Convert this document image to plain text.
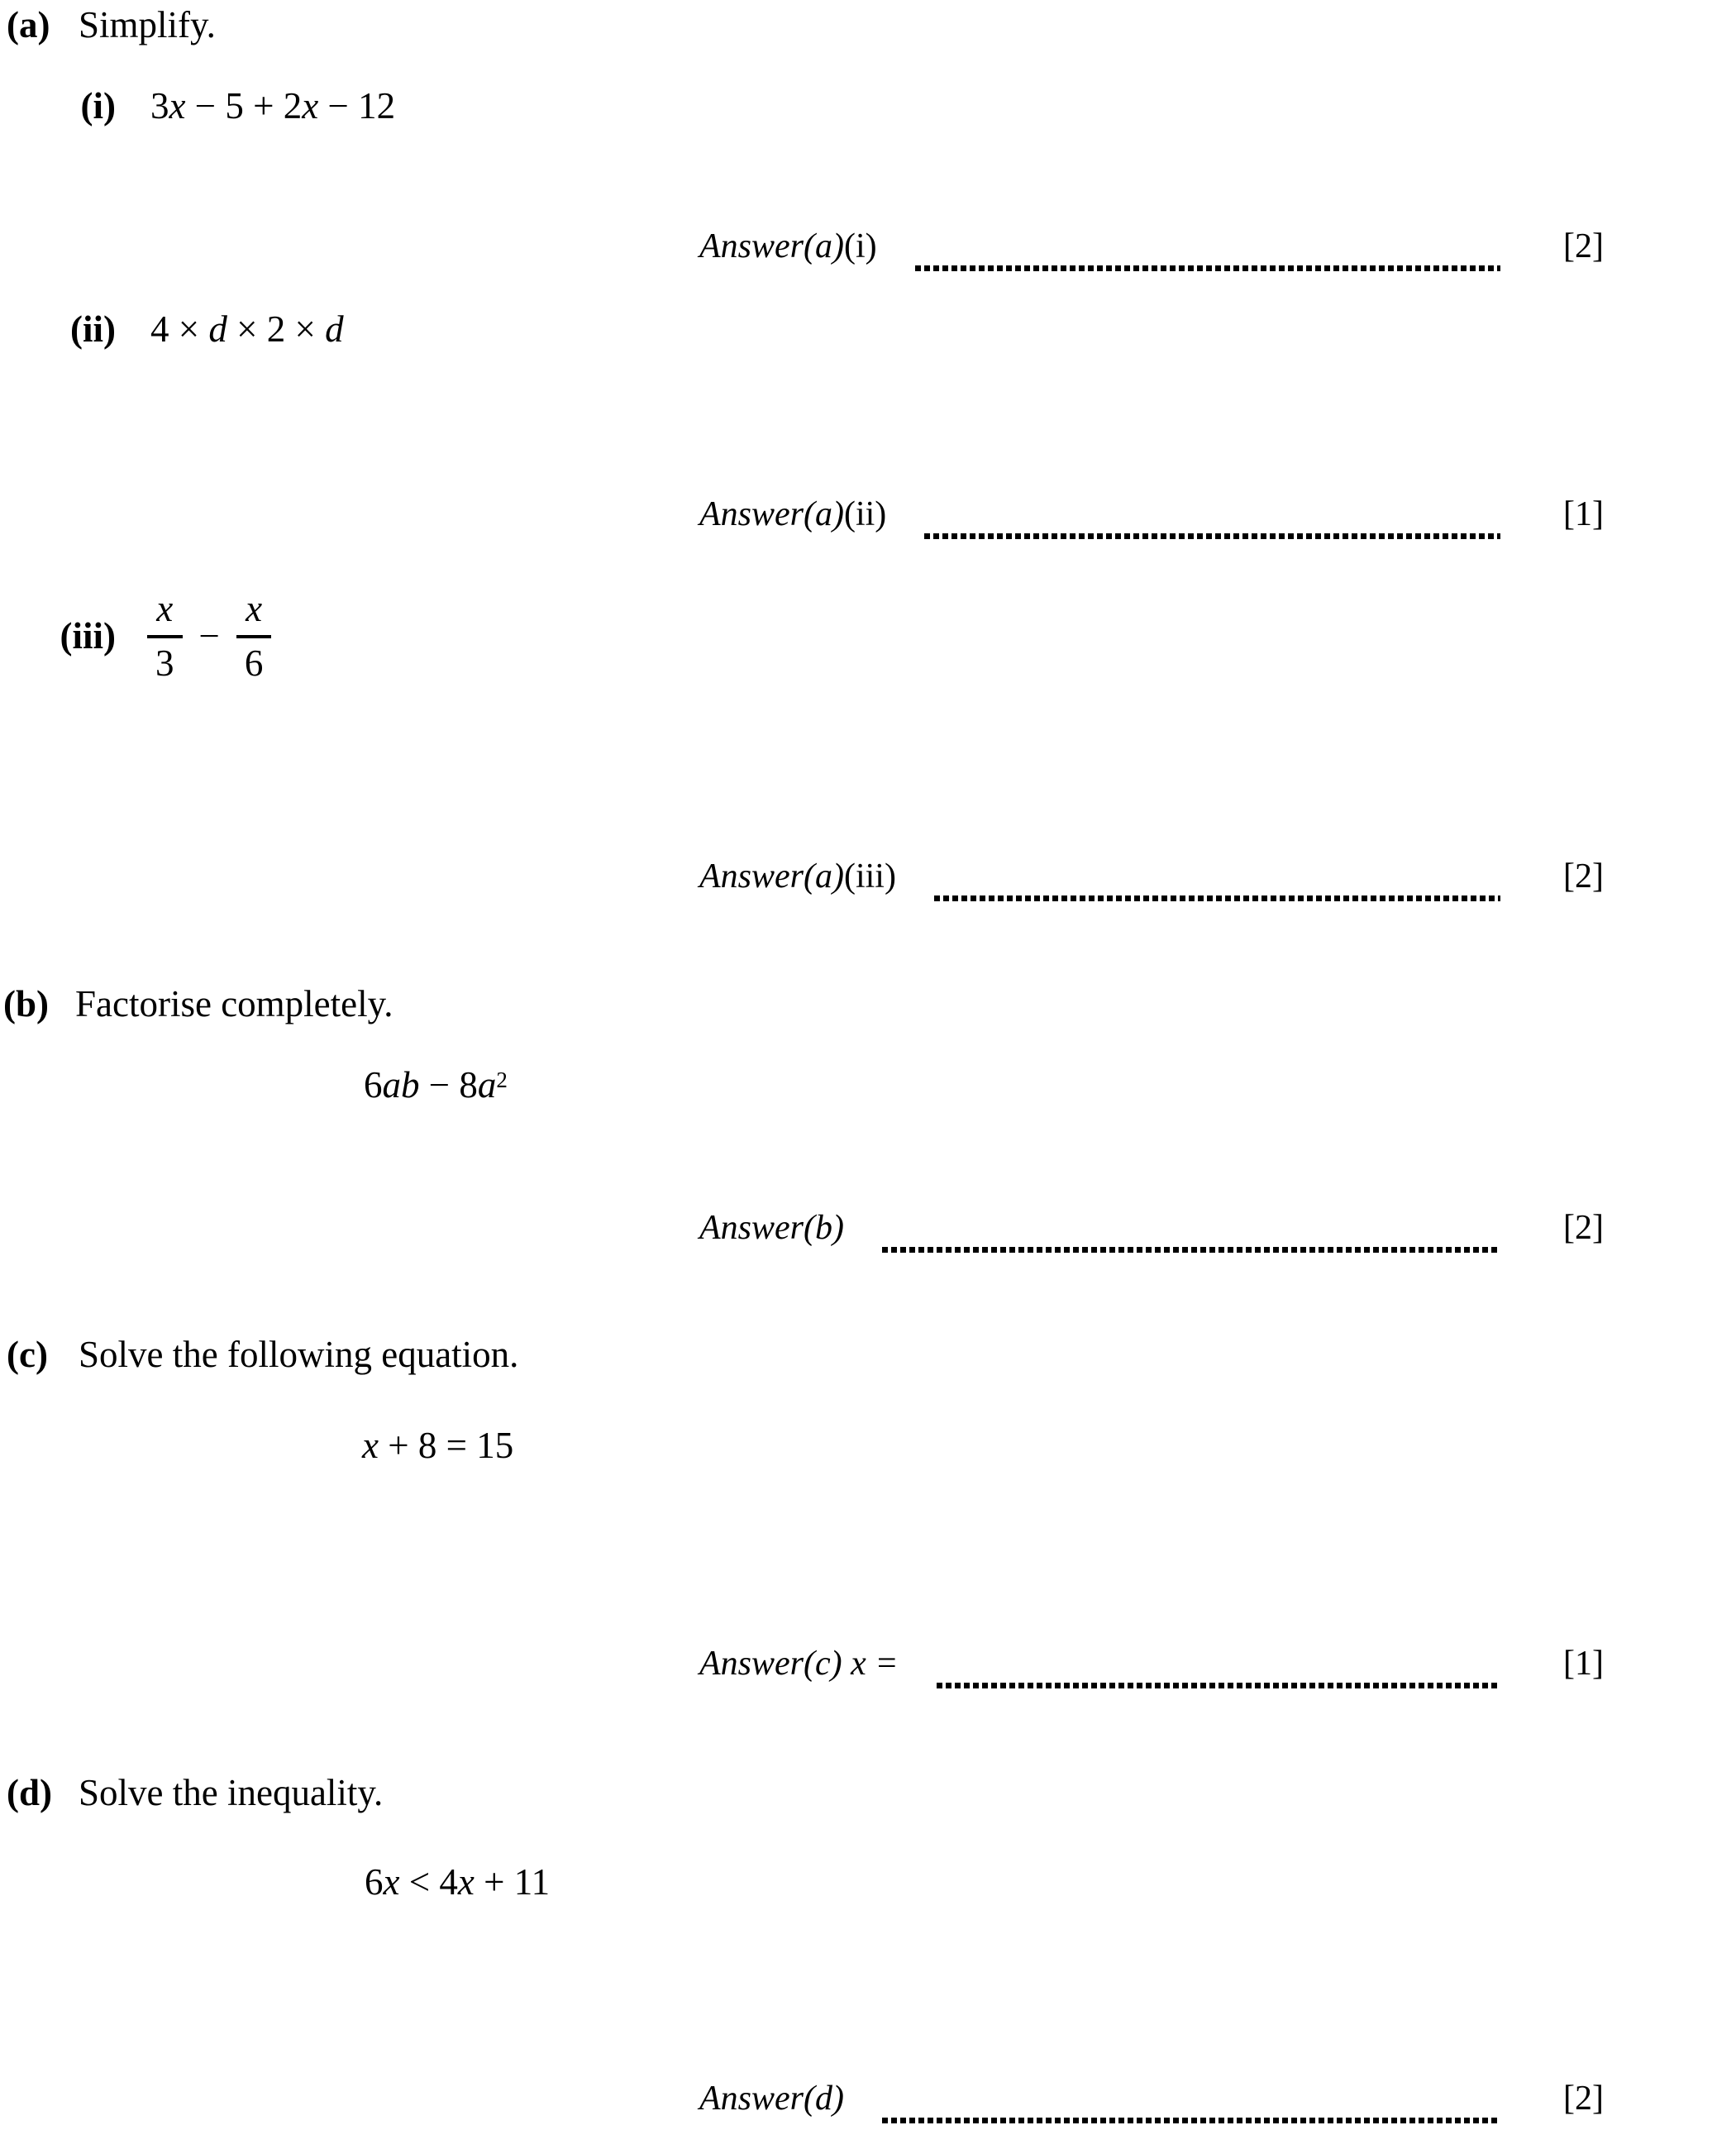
(a) Simplify.
(i) 3x − 5 + 2x − 12
Answer(a)(i)	[2]
(ii) 4 × d × 2 × d
Answer(a)(ii)	[1]
$(iii) \frac{x}{3} - \frac{x}{6}$
Answer(a)(iii)	[2]
(b) Factorise completely.
$6ab - 8a^2$
Answer(b)	[2]
(c) Solve the following equation.
x + 8 = 15
Answer(c) x =	[1]
(d) Solve the inequality.
6x < 4x + 11
Answer(d)	[2]
